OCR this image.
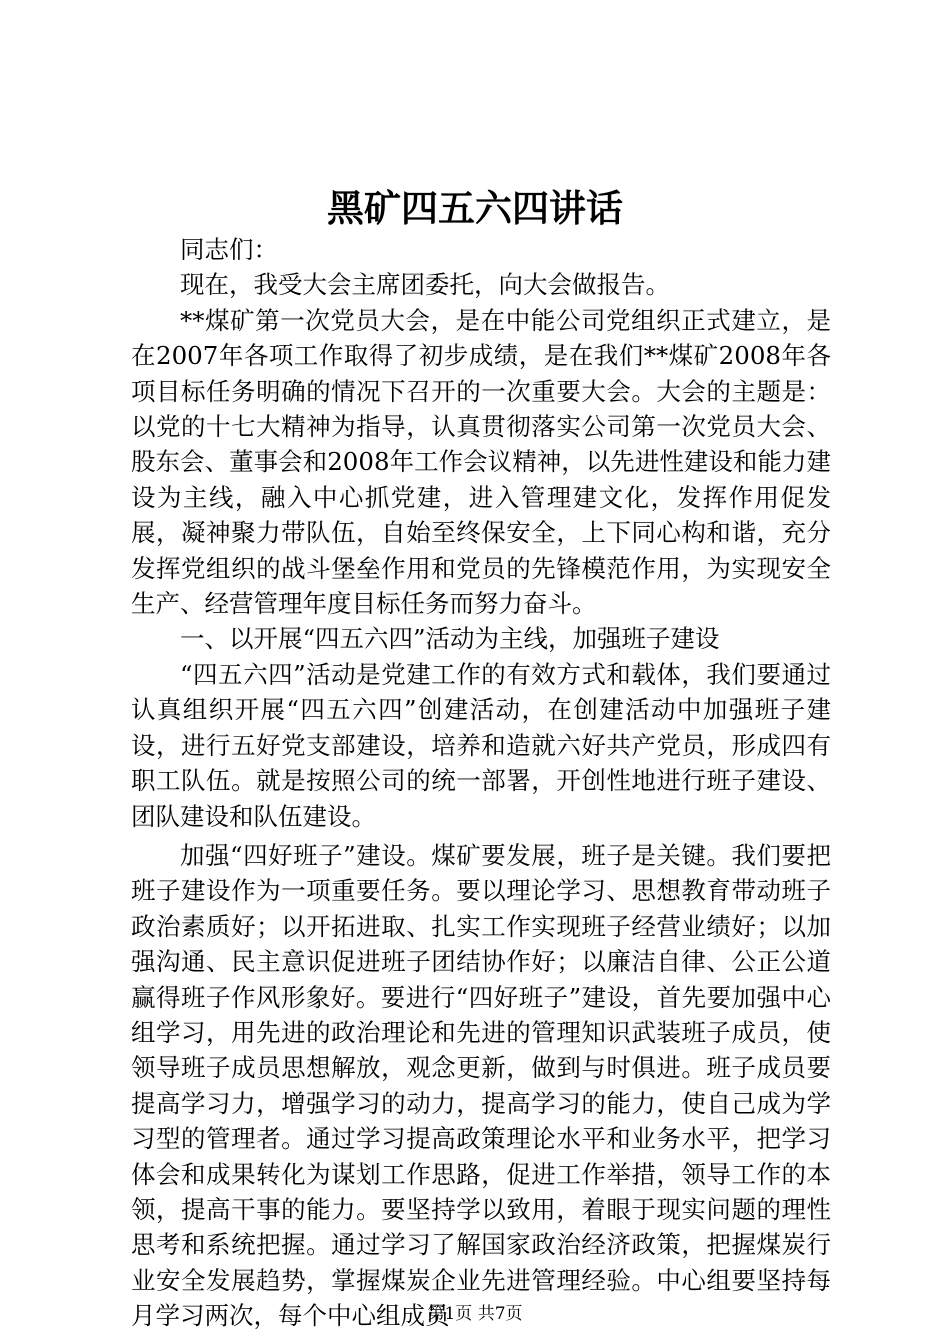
黑矿四五六四讲话

同志们：

现在，我受大会主席团委托，向大会做报告。

**煤矿第一次党员大会，是在中能公司党组织正式建立，是在2007年各项工作取得了初步成绩，是在我们**煤矿2008年各项目标任务明确的情况下召开的一次重要大会。大会的主题是：以党的十七大精神为指导，认真贯彻落实公司第一次党员大会、股东会、董事会和2008年工作会议精神，以先进性建设和能力建设为主线，融入中心抓党建，进入管理建文化，发挥作用促发展，凝神聚力带队伍，自始至终保安全，上下同心构和谐，充分发挥党组织的战斗堡垒作用和党员的先锋模范作用，为实现安全生产、经营管理年度目标任务而努力奋斗。

一、以开展“四五六四”活动为主线，加强班子建设

“四五六四”活动是党建工作的有效方式和载体，我们要通过认真组织开展“四五六四”创建活动，在创建活动中加强班子建设，进行五好党支部建设，培养和造就六好共产党员，形成四有职工队伍。就是按照公司的统一部署，开创性地进行班子建设、团队建设和队伍建设。

加强“四好班子”建设。煤矿要发展，班子是关键。我们要把班子建设作为一项重要任务。要以理论学习、思想教育带动班子政治素质好；以开拓进取、扎实工作实现班子经营业绩好；以加强沟通、民主意识促进班子团结协作好；以廉洁自律、公正公道赢得班子作风形象好。要进行“四好班子”建设，首先要加强中心组学习，用先进的政治理论和先进的管理知识武装班子成员，使领导班子成员思想解放，观念更新，做到与时俱进。班子成员要提高学习力，增强学习的动力，提高学习的能力，使自己成为学习型的管理者。通过学习提高政策理论水平和业务水平，把学习体会和成果转化为谋划工作思路，促进工作举措，领导工作的本领，提高干事的能力。要坚持学以致用，着眼于现实问题的理性思考和系统把握。通过学习了解国家政治经济政策，把握煤炭行业安全发展趋势，掌握煤炭企业先进管理经验。中心组要坚持每月学习两次，每个中心组成员

第1页 共7页
